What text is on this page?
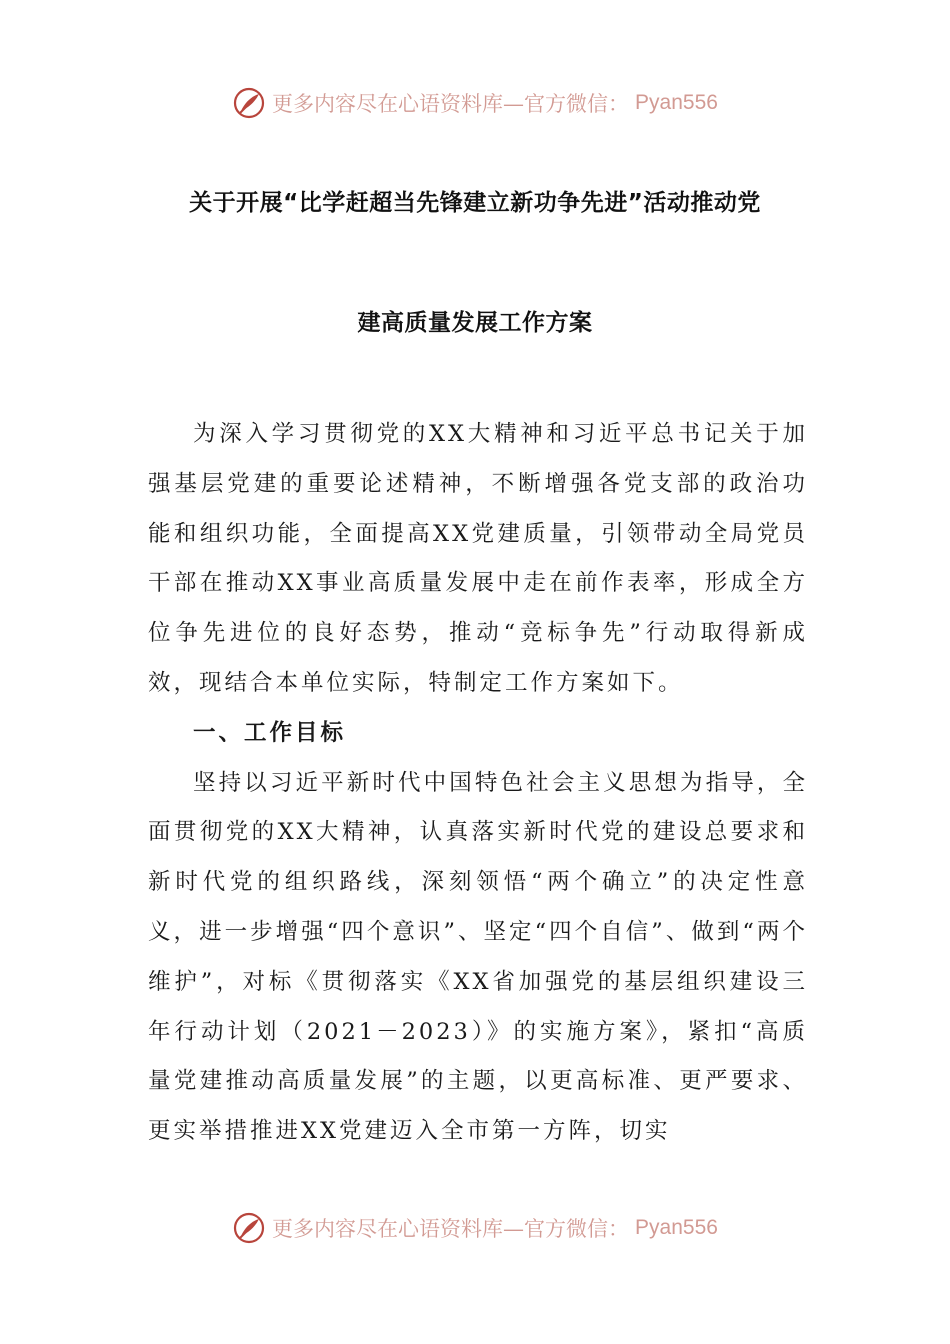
更多内容尽在心语资料库—官方微信： Pyan556
关于开展“比学赶超当先锋建立新功争先进”活动推动党
建高质量发展工作方案

为深入学习贯彻党的XX大精神和习近平总书记关于加强基层党建的重要论述精神，不断增强各党支部的政治功能和组织功能，全面提高XX党建质量，引领带动全局党员干部在推动XX事业高质量发展中走在前作表率，形成全方位争先进位的良好态势，推动“竞标争先”行动取得新成效，现结合本单位实际，特制定工作方案如下。

一、工作目标

坚持以习近平新时代中国特色社会主义思想为指导，全面贯彻党的XX大精神，认真落实新时代党的建设总要求和新时代党的组织路线，深刻领悟“两个确立”的决定性意义，进一步增强“四个意识”、坚定“四个自信”、做到“两个维护”，对标《贯彻落实《XX省加强党的基层组织建设三年行动计划（2021－2023）》的实施方案》，紧扣“高质量党建推动高质量发展”的主题，以更高标准、更严要求、更实举措推进XX党建迈入全市第一方阵，切实

更多内容尽在心语资料库—官方微信： Pyan556
